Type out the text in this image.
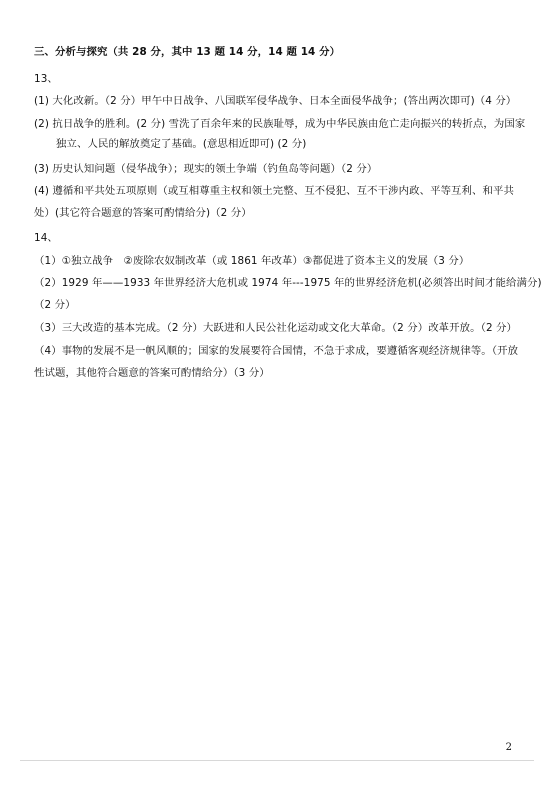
三、分析与探究（共 28 分，其中 13 题 14 分，14 题 14 分）
13、
(1) 大化改新。（2 分）甲午中日战争、八国联军侵华战争、日本全面侵华战争；(答出两次即可)（4 分）
(2) 抗日战争的胜利。(2 分) 雪洗了百余年来的民族耻辱，成为中华民族由危亡走向振兴的转折点，为国家
独立、人民的解放奠定了基础。(意思相近即可) (2 分)
(3) 历史认知问题（侵华战争）；现实的领土争端（钓鱼岛等问题）（2 分）
(4) 遵循和平共处五项原则（或互相尊重主权和领土完整、互不侵犯、互不干涉内政、平等互利、和平共
处）(其它符合题意的答案可酌情给分)（2 分）
14、
（1）①独立战争　②废除农奴制改革（或 1861 年改革）③都促进了资本主义的发展（3 分）
（2）1929 年——1933 年世界经济大危机或 1974 年---1975 年的世界经济危机(必须答出时间才能给满分)
（2 分）
（3）三大改造的基本完成。（2 分）大跃进和人民公社化运动或文化大革命。（2 分）改革开放。（2 分）
（4）事物的发展不是一帆风顺的；国家的发展要符合国情，不急于求成，要遵循客观经济规律等。（开放
性试题，其他符合题意的答案可酌情给分）（3 分）
2
